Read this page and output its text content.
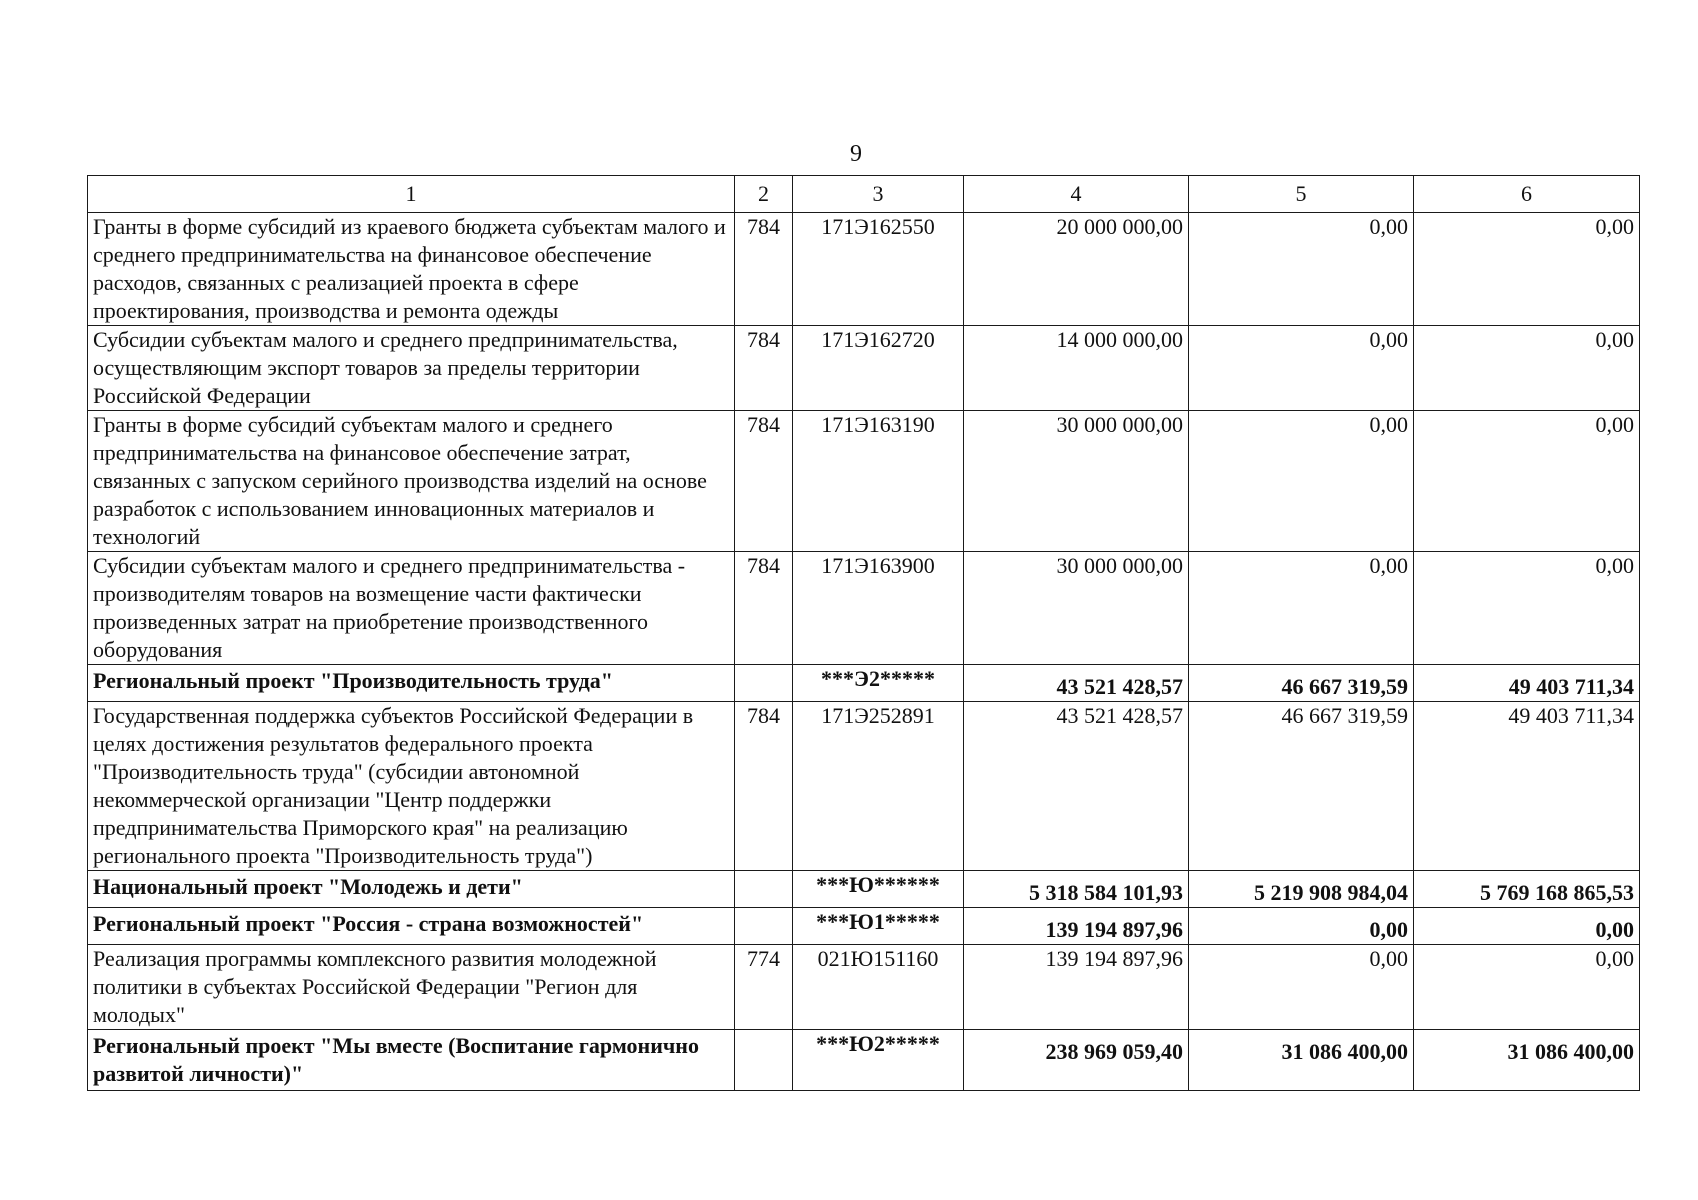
9
1	2	3	4	5	6
Гранты в форме субсидий из краевого бюджета субъектам малого и среднего предпринимательства на финансовое обеспечение расходов, связанных с реализацией проекта в сфере проектирования, производства и ремонта одежды	784	171Э162550	20 000 000,00	0,00	0,00
Субсидии субъектам малого и среднего предпринимательства, осуществляющим экспорт товаров за пределы территории Российской Федерации	784	171Э162720	14 000 000,00	0,00	0,00
Гранты в форме субсидий субъектам малого и среднего предпринимательства на финансовое обеспечение затрат, связанных с запуском серийного производства изделий на основе разработок с использованием инновационных материалов и технологий	784	171Э163190	30 000 000,00	0,00	0,00
Субсидии субъектам малого и среднего предпринимательства - производителям товаров на возмещение части фактически произведенных затрат на приобретение производственного оборудования	784	171Э163900	30 000 000,00	0,00	0,00
Региональный проект "Производительность труда"		***Э2*****	43 521 428,57	46 667 319,59	49 403 711,34
Государственная поддержка субъектов Российской Федерации в целях достижения результатов федерального проекта "Производительность труда" (субсидии автономной некоммерческой организации "Центр поддержки предпринимательства Приморского края" на реализацию регионального проекта "Производительность труда")	784	171Э252891	43 521 428,57	46 667 319,59	49 403 711,34
Национальный проект "Молодежь и дети"		***Ю******	5 318 584 101,93	5 219 908 984,04	5 769 168 865,53
Региональный проект "Россия - страна возможностей"		***Ю1*****	139 194 897,96	0,00	0,00
Реализация программы комплексного развития молодежной политики в субъектах Российской Федерации "Регион для молодых"	774	021Ю151160	139 194 897,96	0,00	0,00
Региональный проект "Мы вместе (Воспитание гармонично развитой личности)"		***Ю2*****	238 969 059,40	31 086 400,00	31 086 400,00
